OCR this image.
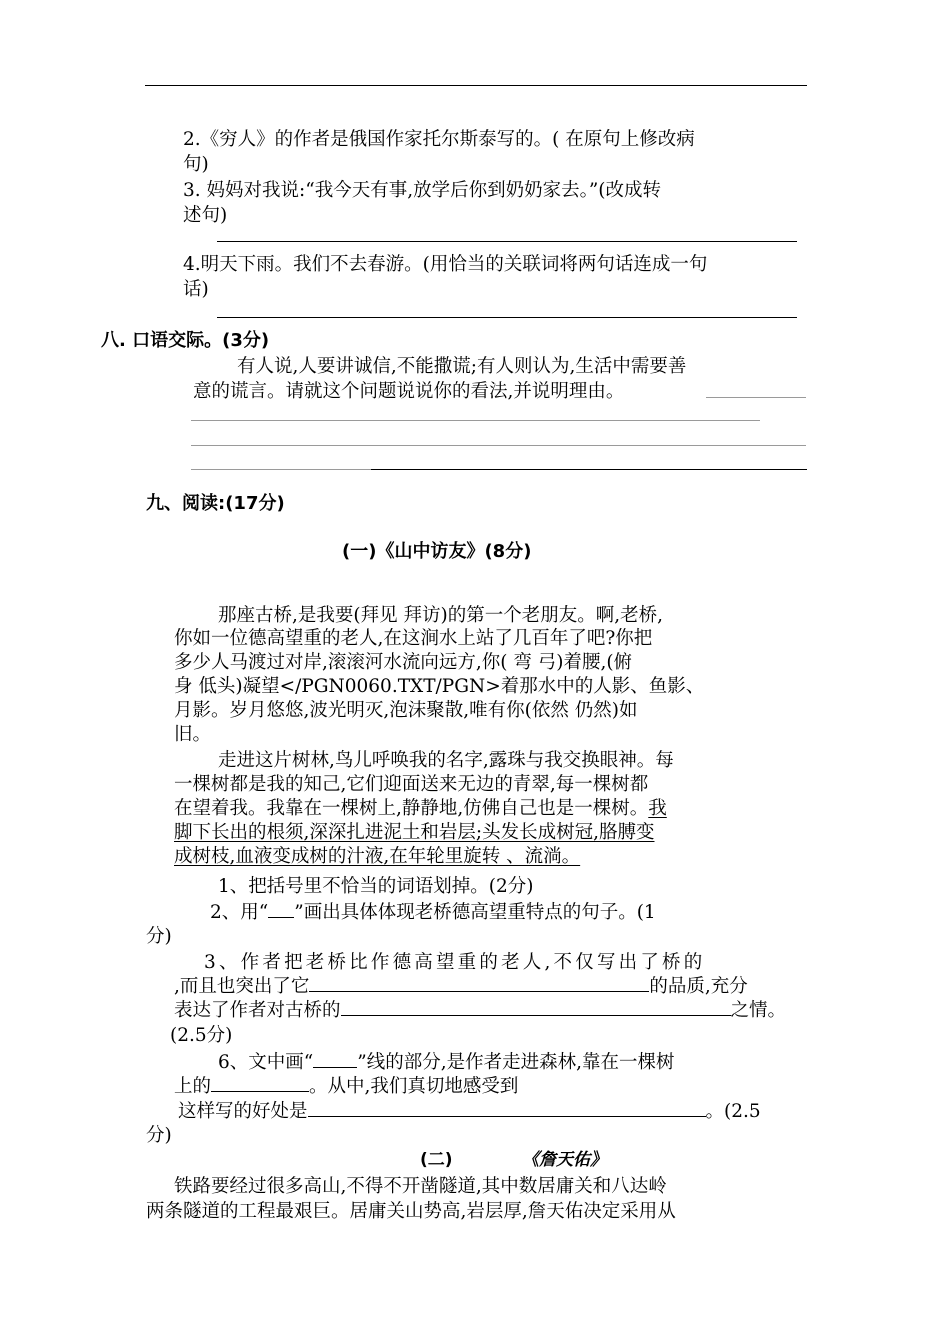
2.《穷人》的作者是俄国作家托尔斯泰写的。( 在原句上修改病
句)
3. 妈妈对我说:“我今天有事,放学后你到奶奶家去。”(改成转
述句)
4.明天下雨。我们不去春游。(用恰当的关联词将两句话连成一句
话)
八. 口语交际。(3分)
有人说,人要讲诚信,不能撒谎;有人则认为,生活中需要善
意的谎言。请就这个问题说说你的看法,并说明理由。
九、阅读:(17分)
(一)《山中访友》(8分)
那座古桥,是我要(拜见 拜访)的第一个老朋友。啊,老桥,
你如一位德高望重的老人,在这涧水上站了几百年了吧?你把
多少人马渡过对岸,滚滚河水流向远方,你( 弯 弓)着腰,(俯
身 低头)凝望</PGN0060.TXT/PGN>着那水中的人影、鱼影、
月影。岁月悠悠,波光明灭,泡沫聚散,唯有你(依然 仍然)如
旧。
走进这片树林,鸟儿呼唤我的名字,露珠与我交换眼神。每
一棵树都是我的知己,它们迎面送来无边的青翠,每一棵树都
在望着我。我靠在一棵树上,静静地,仿佛自己也是一棵树。我
脚下长出的根须,深深扎进泥土和岩层;头发长成树冠,胳膊变
成树枝,血液变成树的汁液,在年轮里旋转 、流淌。
1、把括号里不恰当的词语划掉。(2分)
2、用“ ”画出具体体现老桥德高望重特点的句子。(1
分)
3、作者把老桥比作德高望重的老人,不仅写出了桥的
,而且也突出了它	的品质,充分
表达了作者对古桥的	之情。
(2.5分)
6、文中画“ ”线的部分,是作者走进森林,靠在一棵树
上的	。从中,我们真切地感受到
这样写的好处是	。(2.5
分)
(二)	《詹天佑》
铁路要经过很多高山,不得不开凿隧道,其中数居庸关和八达岭
两条隧道的工程最艰巨。居庸关山势高,岩层厚,詹天佑决定采用从
